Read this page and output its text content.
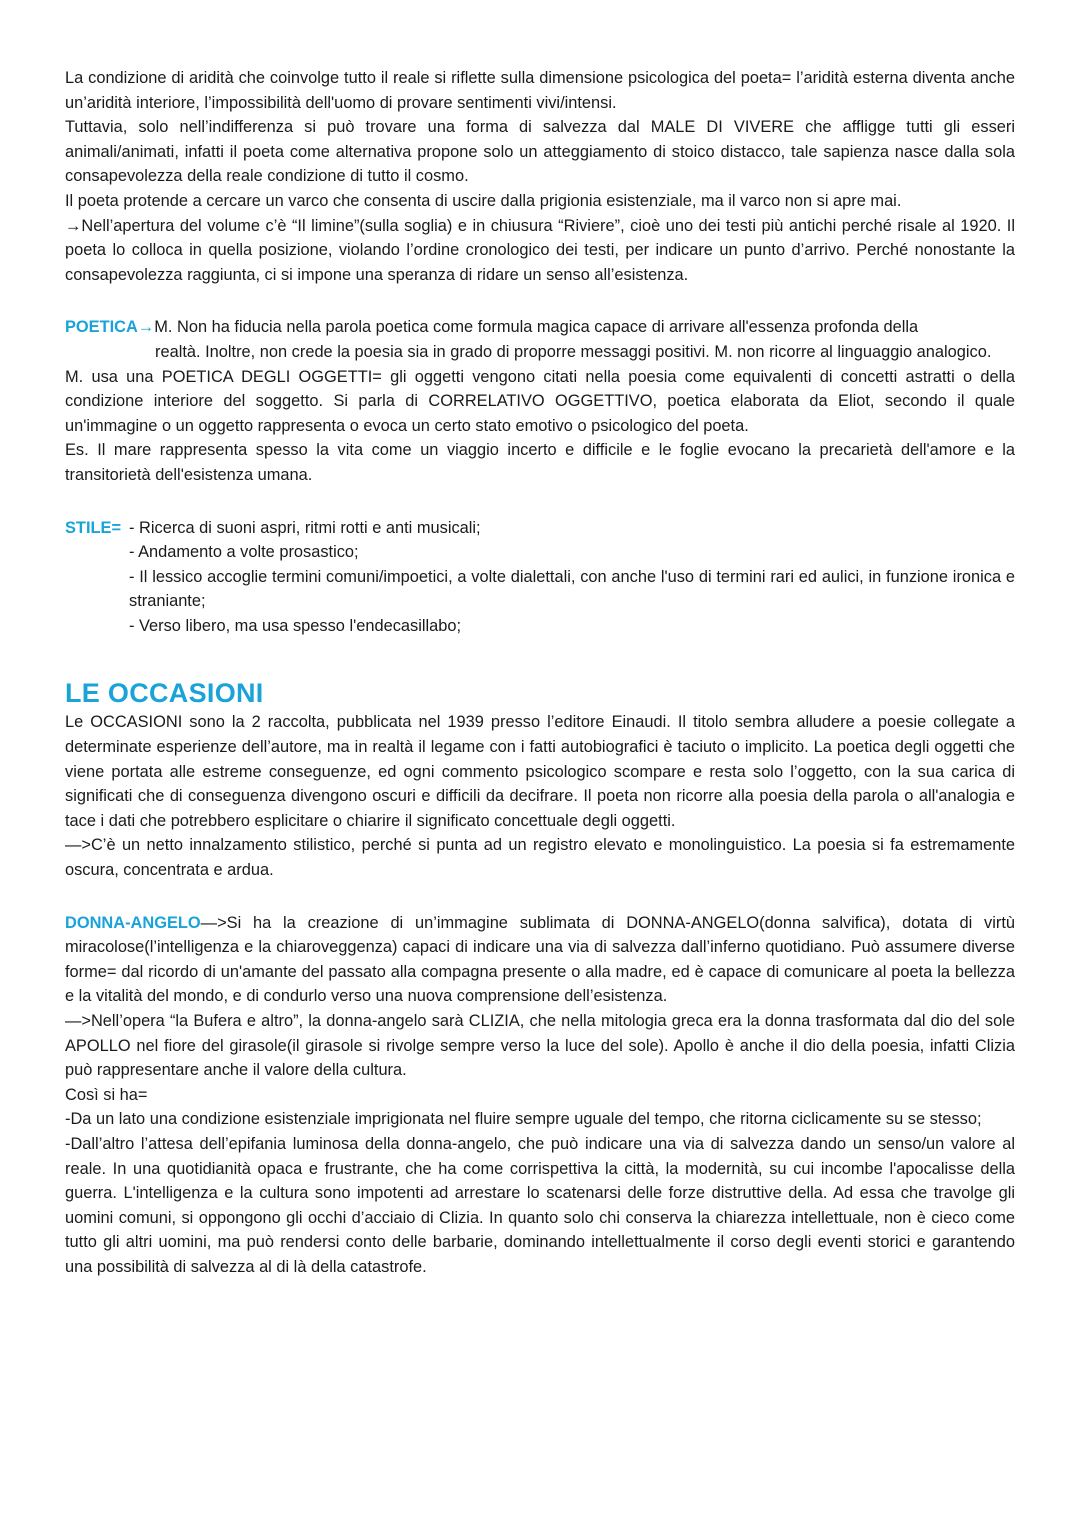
La condizione di aridità che coinvolge tutto il reale si riflette sulla dimensione psicologica del poeta= l’aridità esterna diventa anche un’aridità interiore, l’impossibilità dell'uomo di provare sentimenti vivi/intensi.

Tuttavia, solo nell’indifferenza si può trovare una forma di salvezza dal MALE DI VIVERE che affligge tutti gli esseri animali/animati, infatti il poeta come alternativa propone solo un atteggiamento di stoico distacco, tale sapienza nasce dalla sola consapevolezza della reale condizione di tutto il cosmo.

Il poeta protende a cercare un varco che consenta di uscire dalla prigionia esistenziale, ma il varco non si apre mai.

→Nell’apertura del volume c’è “Il limine”(sulla soglia) e in chiusura “Riviere”, cioè uno dei testi più antichi perché risale al 1920. Il poeta lo colloca in quella posizione, violando l’ordine cronologico dei testi, per indicare un punto d’arrivo. Perché nonostante la consapevolezza raggiunta, ci si impone una speranza di ridare un senso all’esistenza.

POETICA→M. Non ha fiducia nella parola poetica come formula magica capace di arrivare all'essenza profonda della

realtà. Inoltre, non crede la poesia sia in grado di proporre messaggi positivi. M. non ricorre al linguaggio analogico.

M. usa una POETICA DEGLI OGGETTI= gli oggetti vengono citati nella poesia come equivalenti di concetti astratti o della condizione interiore del soggetto. Si parla di CORRELATIVO OGGETTIVO, poetica elaborata da Eliot, secondo il quale un'immagine o un oggetto rappresenta o evoca un certo stato emotivo o psicologico del poeta.

Es. Il mare rappresenta spesso la vita come un viaggio incerto e difficile e le foglie evocano la precarietà dell'amore e la transitorietà dell'esistenza umana.

STILE= - Ricerca di suoni aspri, ritmi rotti e anti musicali;

- Andamento a volte prosastico;

- Il lessico accoglie termini comuni/impoetici, a volte dialettali, con anche l'uso di termini rari ed aulici, in funzione ironica e straniante;

- Verso libero, ma usa spesso l'endecasillabo;

LE OCCASIONI

Le OCCASIONI sono la 2 raccolta, pubblicata nel 1939 presso l’editore Einaudi. Il titolo sembra alludere a poesie collegate a determinate esperienze dell’autore, ma in realtà il legame con i fatti autobiografici è taciuto o implicito. La poetica degli oggetti che viene portata alle estreme conseguenze, ed ogni commento psicologico scompare e resta solo l’oggetto, con la sua carica di significati che di conseguenza divengono oscuri e difficili da decifrare. Il poeta non ricorre alla poesia della parola o all'analogia e tace i dati che potrebbero esplicitare o chiarire il significato concettuale degli oggetti.

—>C’è un netto innalzamento stilistico, perché si punta ad un registro elevato e monolinguistico. La poesia si fa estremamente oscura, concentrata e ardua.

DONNA-ANGELO—>Si ha la creazione di un’immagine sublimata di DONNA-ANGELO(donna salvifica), dotata di virtù miracolose(l’intelligenza e la chiaroveggenza) capaci di indicare una via di salvezza dall’inferno quotidiano. Può assumere diverse forme= dal ricordo di un'amante del passato alla compagna presente o alla madre, ed è capace di comunicare al poeta la bellezza e la vitalità del mondo, e di condurlo verso una nuova comprensione dell’esistenza.

—>Nell’opera “la Bufera e altro”, la donna-angelo sarà CLIZIA, che nella mitologia greca era la donna trasformata dal dio del sole APOLLO nel fiore del girasole(il girasole si rivolge sempre verso la luce del sole). Apollo è anche il dio della poesia, infatti Clizia può rappresentare anche il valore della cultura.

Così si ha=

-Da un lato una condizione esistenziale imprigionata nel fluire sempre uguale del tempo, che ritorna ciclicamente su se stesso;

-Dall’altro l’attesa dell’epifania luminosa della donna-angelo, che può indicare una via di salvezza dando un senso/un valore al reale. In una quotidianità opaca e frustrante, che ha come corrispettiva la città, la modernità, su cui incombe l'apocalisse della guerra. L'intelligenza e la cultura sono impotenti ad arrestare lo scatenarsi delle forze distruttive della. Ad essa che travolge gli uomini comuni, si oppongono gli occhi d’acciaio di Clizia. In quanto solo chi conserva la chiarezza intellettuale, non è cieco come tutto gli altri uomini, ma può rendersi conto delle barbarie, dominando intellettualmente il corso degli eventi storici e garantendo una possibilità di salvezza al di là della catastrofe.
